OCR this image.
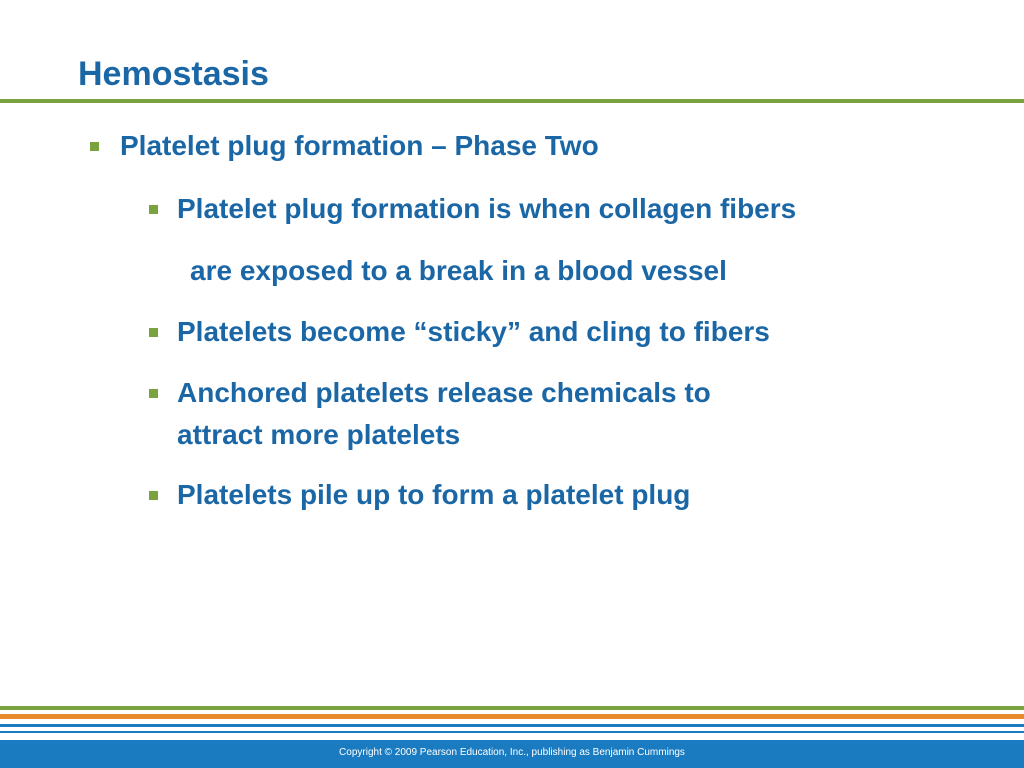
Hemostasis
Platelet plug formation – Phase Two
Platelet plug formation is when collagen fibers
are exposed to a break in a blood vessel
Platelets become “sticky” and cling to fibers
Anchored platelets release chemicals to
attract more platelets
Platelets pile up to form a platelet plug
Copyright © 2009 Pearson Education, Inc., publishing as Benjamin Cummings
